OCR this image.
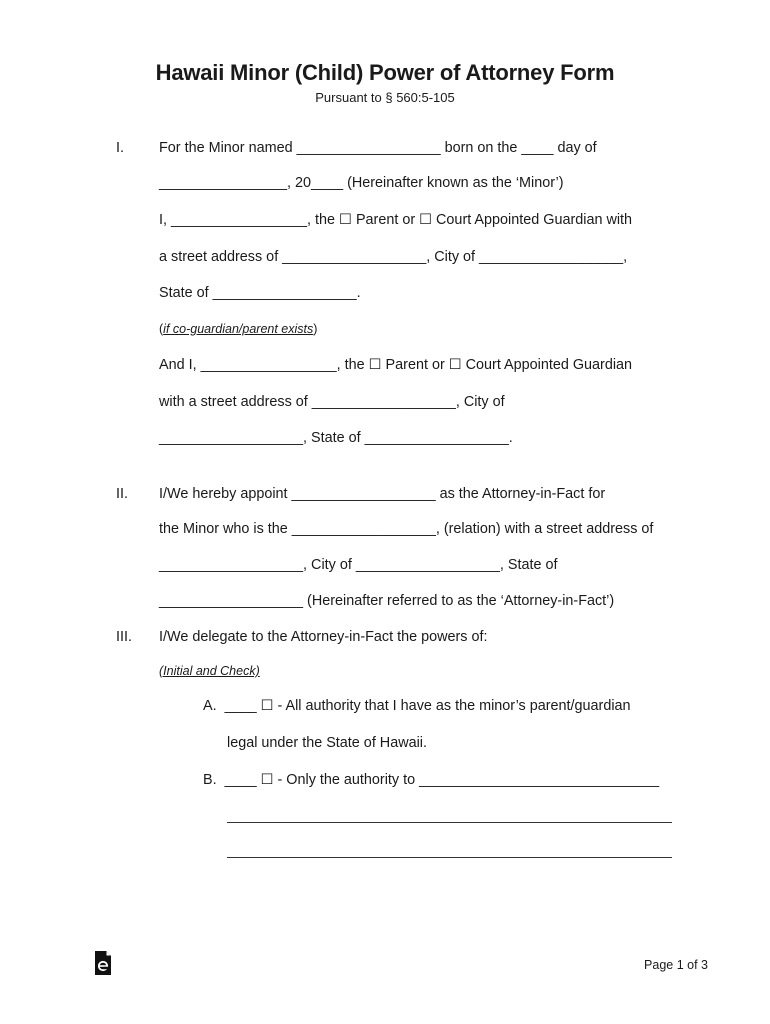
Hawaii Minor (Child) Power of Attorney Form
Pursuant to § 560:5-105
I. For the Minor named __________________ born on the ____ day of
________________, 20____ (Hereinafter known as the ‘Minor’)
I, _________________, the ☐ Parent or ☐ Court Appointed Guardian with
a street address of __________________, City of __________________,
State of __________________.
(if co-guardian/parent exists)
And I, _________________, the ☐ Parent or ☐ Court Appointed Guardian
with a street address of __________________, City of
__________________, State of __________________.
II. I/We hereby appoint __________________ as the Attorney-in-Fact for
the Minor who is the __________________, (relation) with a street address of
__________________, City of __________________, State of
__________________ (Hereinafter referred to as the ‘Attorney-in-Fact’)
III. I/We delegate to the Attorney-in-Fact the powers of:
(Initial and Check)
A.  ____ ☐ - All authority that I have as the minor’s parent/guardian
legal under the State of Hawaii.
B.  ____ ☐ - Only the authority to ______________________________
Page 1 of 3
